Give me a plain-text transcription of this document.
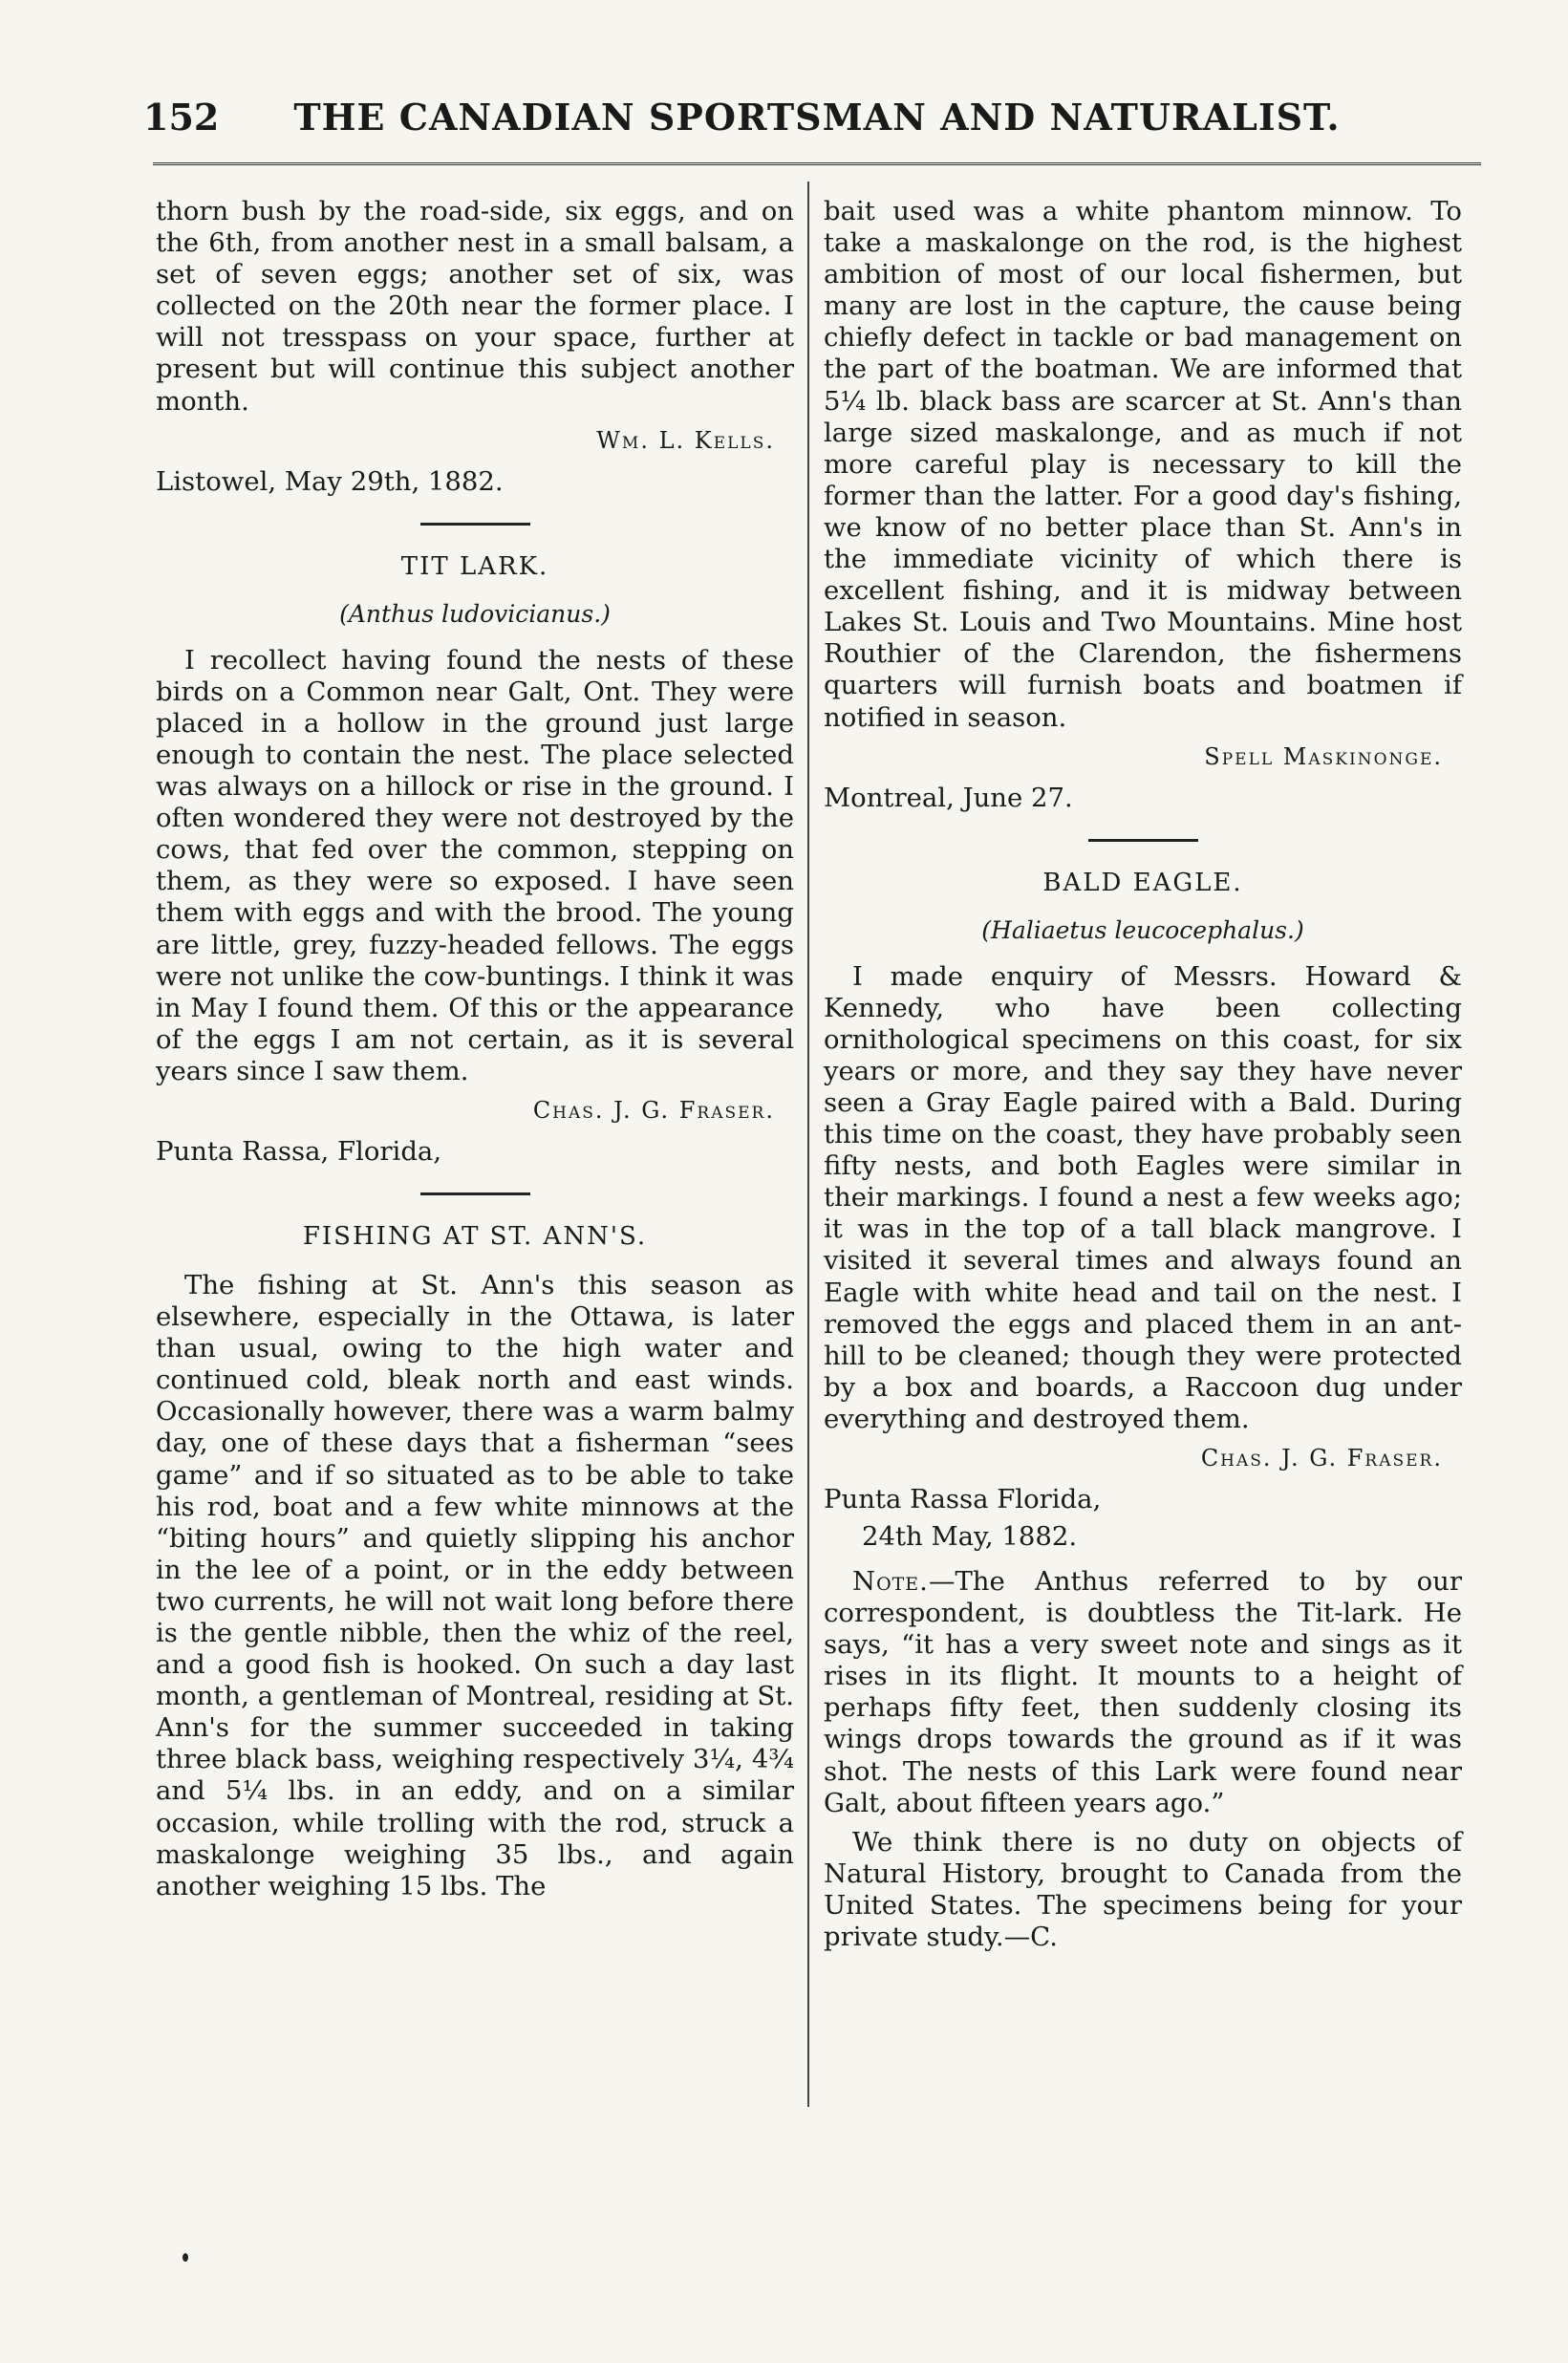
152	THE CANADIAN SPORTSMAN AND NATURALIST.

thorn bush by the road-side, six eggs, and on the 6th, from another nest in a small balsam, a set of seven eggs; another set of six, was collected on the 20th near the former place. I will not tresspass on your space, further at present but will continue this subject another month.

Wm. L. Kells.
Listowel, May 29th, 1882.
TIT LARK.
(Anthus ludovicianus.)

I recollect having found the nests of these birds on a Common near Galt, Ont. They were placed in a hollow in the ground just large enough to contain the nest. The place selected was always on a hillock or rise in the ground. I often wondered they were not destroyed by the cows, that fed over the common, stepping on them, as they were so exposed. I have seen them with eggs and with the brood. The young are little, grey, fuzzy-headed fellows. The eggs were not unlike the cow-buntings. I think it was in May I found them. Of this or the appearance of the eggs I am not certain, as it is several years since I saw them.

Chas. J. G. Fraser.
Punta Rassa, Florida,
FISHING AT ST. ANN'S.

The fishing at St. Ann's this season as elsewhere, especially in the Ottawa, is later than usual, owing to the high water and continued cold, bleak north and east winds. Occasionally however, there was a warm balmy day, one of these days that a fisherman “sees game” and if so situated as to be able to take his rod, boat and a few white minnows at the “biting hours” and quietly slipping his anchor in the lee of a point, or in the eddy between two currents, he will not wait long before there is the gentle nibble, then the whiz of the reel, and a good fish is hooked. On such a day last month, a gentleman of Montreal, residing at St. Ann's for the summer succeeded in taking three black bass, weighing respectively 3¼, 4¾ and 5¼ lbs. in an eddy, and on a similar occasion, while trolling with the rod, struck a maskalonge weighing 35 lbs., and again another weighing 15 lbs. The

bait used was a white phantom minnow. To take a maskalonge on the rod, is the highest ambition of most of our local fishermen, but many are lost in the capture, the cause being chiefly defect in tackle or bad management on the part of the boatman. We are informed that 5¼ lb. black bass are scarcer at St. Ann's than large sized maskalonge, and as much if not more careful play is necessary to kill the former than the latter. For a good day's fishing, we know of no better place than St. Ann's in the immediate vicinity of which there is excellent fishing, and it is midway between Lakes St. Louis and Two Mountains. Mine host Routhier of the Clarendon, the fishermens quarters will furnish boats and boatmen if notified in season.

Spell Maskinonge.
Montreal, June 27.
BALD EAGLE.
(Haliaetus leucocephalus.)

I made enquiry of Messrs. Howard & Kennedy, who have been collecting ornithological specimens on this coast, for six years or more, and they say they have never seen a Gray Eagle paired with a Bald. During this time on the coast, they have probably seen fifty nests, and both Eagles were similar in their markings. I found a nest a few weeks ago; it was in the top of a tall black mangrove. I visited it several times and always found an Eagle with white head and tail on the nest. I removed the eggs and placed them in an ant-hill to be cleaned; though they were protected by a box and boards, a Raccoon dug under everything and destroyed them.

Chas. J. G. Fraser.
Punta Rassa Florida,
24th May, 1882.

Note.—The Anthus referred to by our correspondent, is doubtless the Tit-lark. He says, “it has a very sweet note and sings as it rises in its flight. It mounts to a height of perhaps fifty feet, then suddenly closing its wings drops towards the ground as if it was shot. The nests of this Lark were found near Galt, about fifteen years ago.”

We think there is no duty on objects of Natural History, brought to Canada from the United States. The specimens being for your private study.—C.
